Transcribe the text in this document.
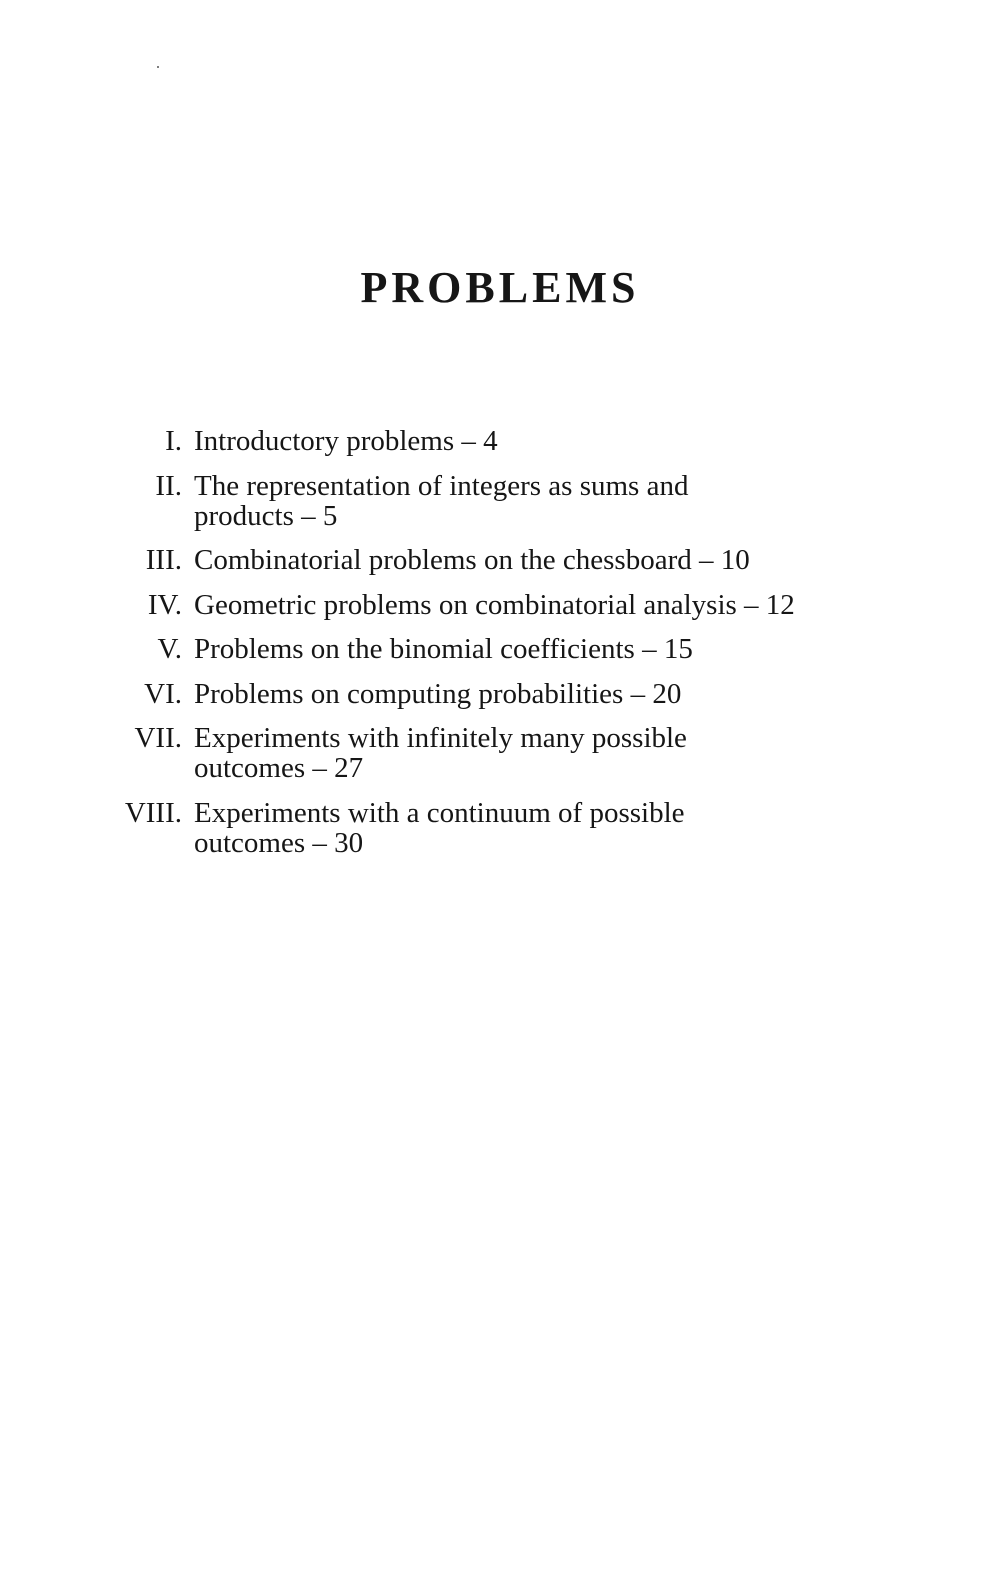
PROBLEMS
I. Introductory problems – 4
II. The representation of integers as sums and
products – 5
III. Combinatorial problems on the chessboard – 10
IV. Geometric problems on combinatorial analysis – 12
V. Problems on the binomial coefficients – 15
VI. Problems on computing probabilities – 20
VII. Experiments with infinitely many possible
outcomes – 27
VIII. Experiments with a continuum of possible
outcomes – 30
